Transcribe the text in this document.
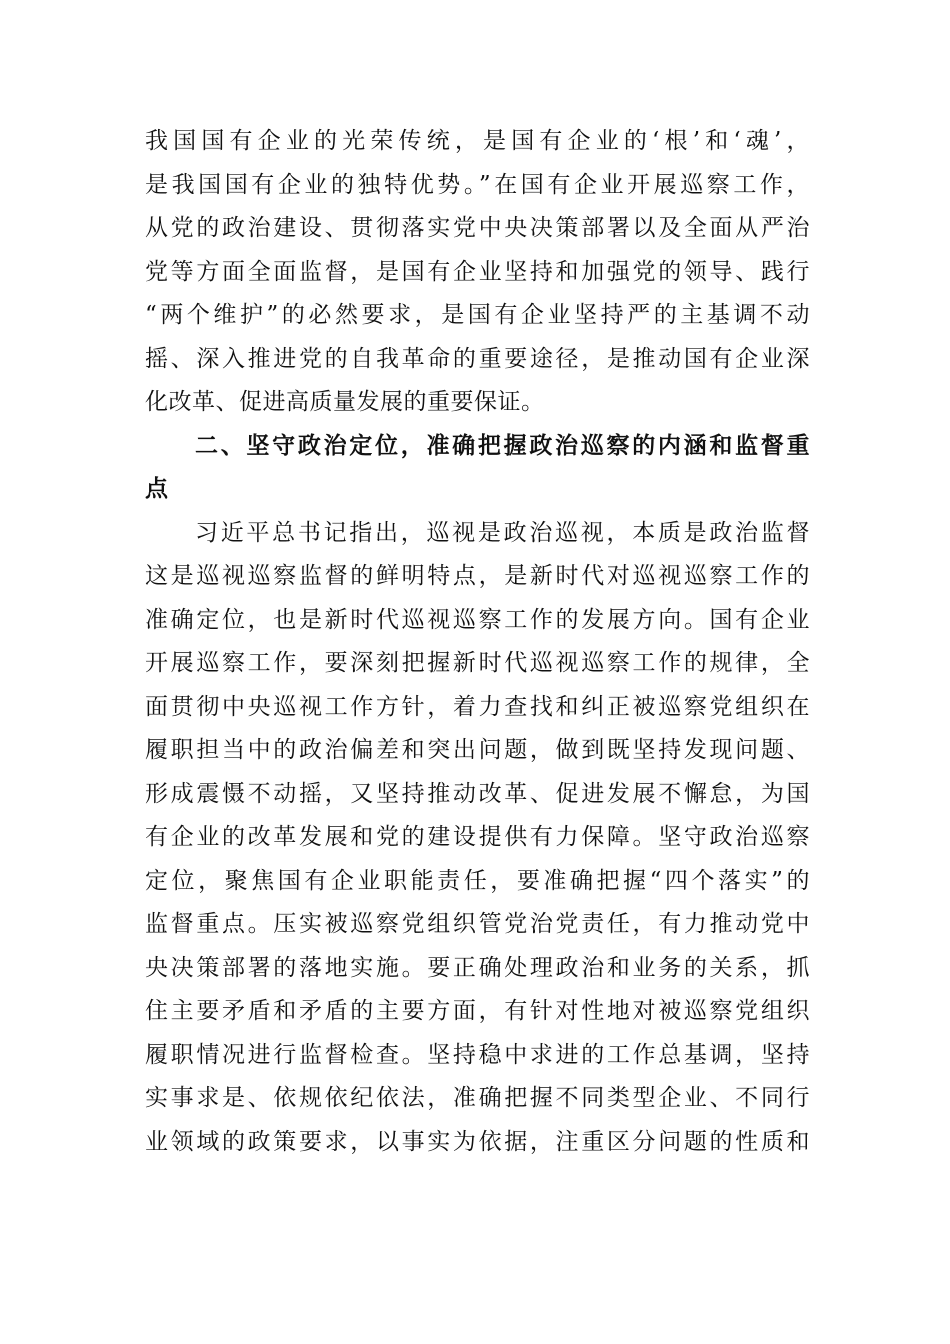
我国国有企业的光荣传统，是国有企业的‘根’和‘魂’，
是我国国有企业的独特优势。”在国有企业开展巡察工作，
从党的政治建设、贯彻落实党中央决策部署以及全面从严治
党等方面全面监督，是国有企业坚持和加强党的领导、践行
“两个维护”的必然要求，是国有企业坚持严的主基调不动
摇、深入推进党的自我革命的重要途径，是推动国有企业深
化改革、促进高质量发展的重要保证。
二、坚守政治定位，准确把握政治巡察的内涵和监督重
点
习近平总书记指出，巡视是政治巡视，本质是政治监督
这是巡视巡察监督的鲜明特点，是新时代对巡视巡察工作的
准确定位，也是新时代巡视巡察工作的发展方向。国有企业
开展巡察工作，要深刻把握新时代巡视巡察工作的规律，全
面贯彻中央巡视工作方针，着力查找和纠正被巡察党组织在
履职担当中的政治偏差和突出问题，做到既坚持发现问题、
形成震慑不动摇，又坚持推动改革、促进发展不懈怠，为国
有企业的改革发展和党的建设提供有力保障。坚守政治巡察
定位，聚焦国有企业职能责任，要准确把握“四个落实”的
监督重点。压实被巡察党组织管党治党责任，有力推动党中
央决策部署的落地实施。要正确处理政治和业务的关系，抓
住主要矛盾和矛盾的主要方面，有针对性地对被巡察党组织
履职情况进行监督检查。坚持稳中求进的工作总基调，坚持
实事求是、依规依纪依法，准确把握不同类型企业、不同行
业领域的政策要求，以事实为依据，注重区分问题的性质和
